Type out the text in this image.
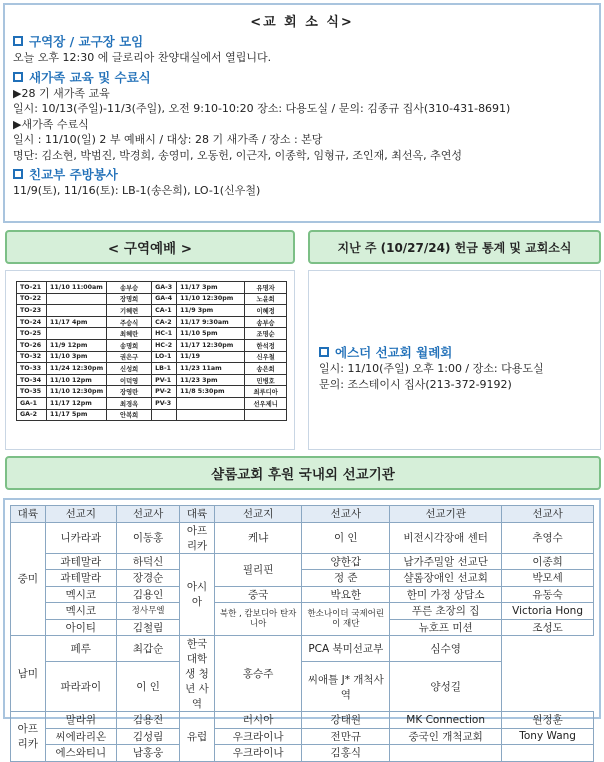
<교 회 소 식>
구역장 / 교구장 모임
오늘 오후 12:30 에 글로리아 찬양대실에서 열립니다.
새가족 교육 및 수료식
▶28 기 새가족 교육
일시: 10/13(주일)-11/3(주일), 오전 9:10-10:20 장소: 다용도실 / 문의: 김종규 집사(310-431-8691)
▶새가족 수료식
일시 : 11/10(일) 2 부 예배시 / 대상: 28 기 새가족 / 장소 : 본당
명단: 김소현, 박범진, 박경희, 송영미, 오동헌, 이근자, 이종학, 임형규, 조인재, 최선옥, 추연성
친교부 주방봉사
11/9(토), 11/16(토): LB-1(송은희), LO-1(신우철)
< 구역예배 >	지난 주 (10/27/24) 헌금 통계 및 교회소식
TO-21	11/10 11:00am	송부승	GA-3	11/17 3pm	유명자
TO-22		장명희	GA-4	11/10 12:30pm	노윤희
TO-23		기혜련	CA-1	11/9 3pm	이혜정
TO-24	11/17 4pm	주승식	CA-2	11/17 9:30am	송부승
TO-25		최혜란	HC-1	11/10 5pm	조명순
TO-26	11/9 12pm	송명희	HC-2	11/17 12:30pm	한석정
TO-32	11/10 3pm	권은구	LO-1	11/19	신우철
TO-33	11/24 12:30pm	신성희	LB-1	11/23 11am	송은희
TO-34	11/10 12pm	이덕영	PV-1	11/23 3pm	민병호
TO-35	11/10 12:30pm	장영란	PV-2	11/8 5:30pm	최루디아
GA-1	11/17 12pm	최경옥	PV-3		선우제니
GA-2	11/17 5pm	안복희			
에스더 선교회 월례회
일시: 11/10(주일) 오후 1:00 / 장소: 다용도실
문의: 조스테이시 집사(213-372-9192)
샬롬교회 후원 국내외 선교기관
대륙	선교지	선교사	대륙	선교지	선교사	선교기관	선교사
중미	니카라과	이동홍	아프리카	케냐	이 인	비전시각장애 센터	추영수
	과테말라	하덕신	아시아	필리핀	양한갑	남가주밀알 선교단	이종희
	과테말라	장경순			정 준	샬롬장애인 선교회	박모세
	멕시코	김용인		중국	박요한	한미 가정 상담소	유동숙
	멕시코	정사무엘		북한 , 캄보디아 탄자니아	한소나이더 국제어린이 재단	푸른 초장의 집	Victoria Hong
	아이티	김철림				뉴호프 미션	조성도
남미	페루	최갑순	한국 대학생 청년 사역	홍승주	PCA 북미선교부	심수영	
	파라과이	이 인			씨애틀 J* 개척사역	양성길	
아프리카	말라위	김용진	유럽	러시아	강태원	MK Connection	원정훈
	씨에라리온	김성림		우크라이나	전만규	중국인 개척교회	Tony Wang
	에스와티니	남홍웅		우크라이나	김홍식		
